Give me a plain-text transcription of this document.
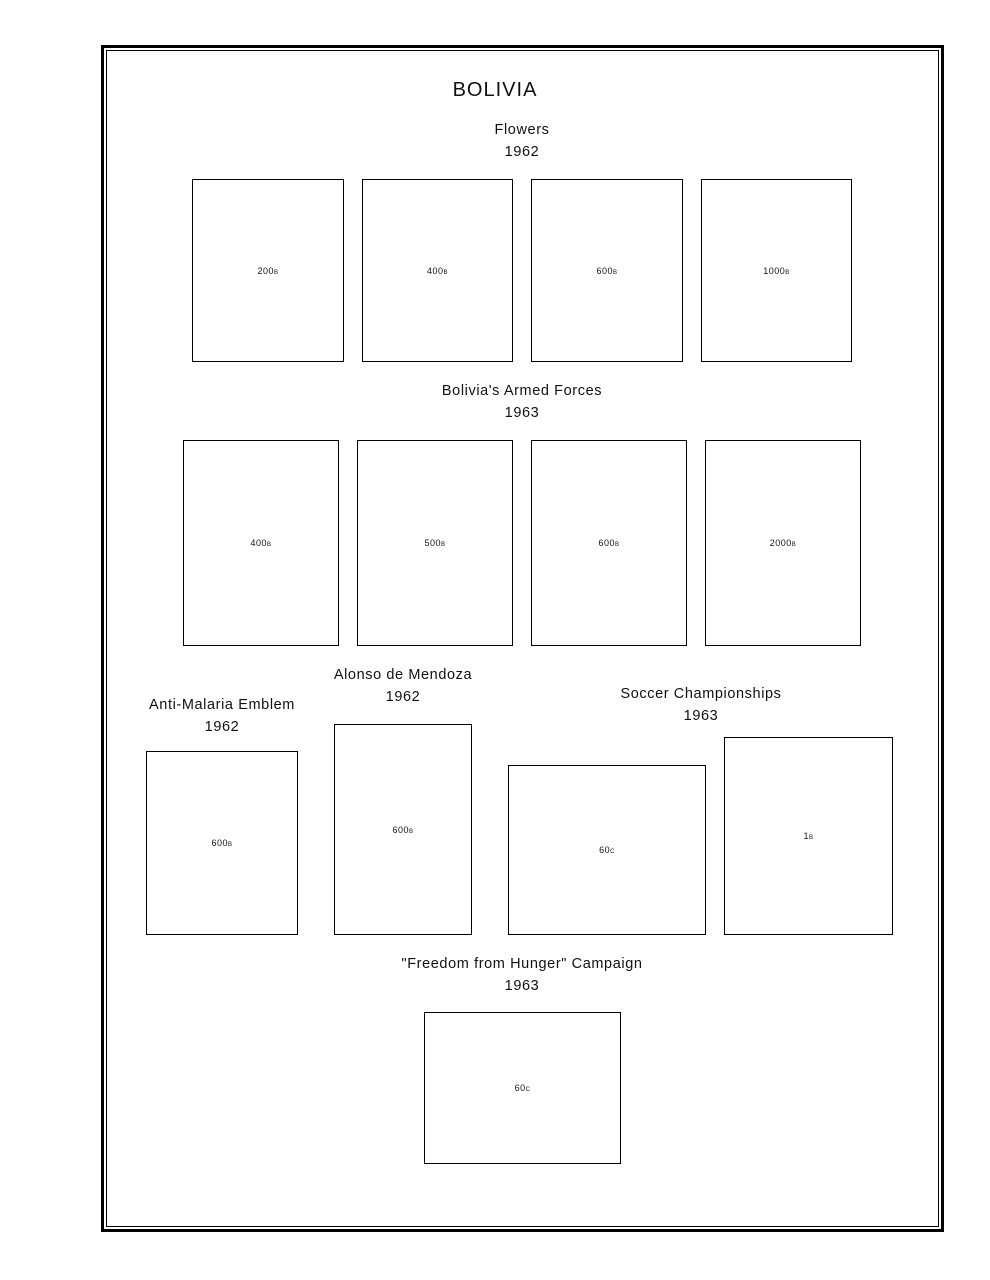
BOLIVIA
Flowers
1962
200b	400b	600b	1000b
Bolivia's Armed Forces
1963
400b	500b	600b	2000b
Anti-Malaria Emblem
1962
600b
Alonso de Mendoza
1962
600b
Soccer Championships
1963
60c
1b
"Freedom from Hunger" Campaign
1963
60c
